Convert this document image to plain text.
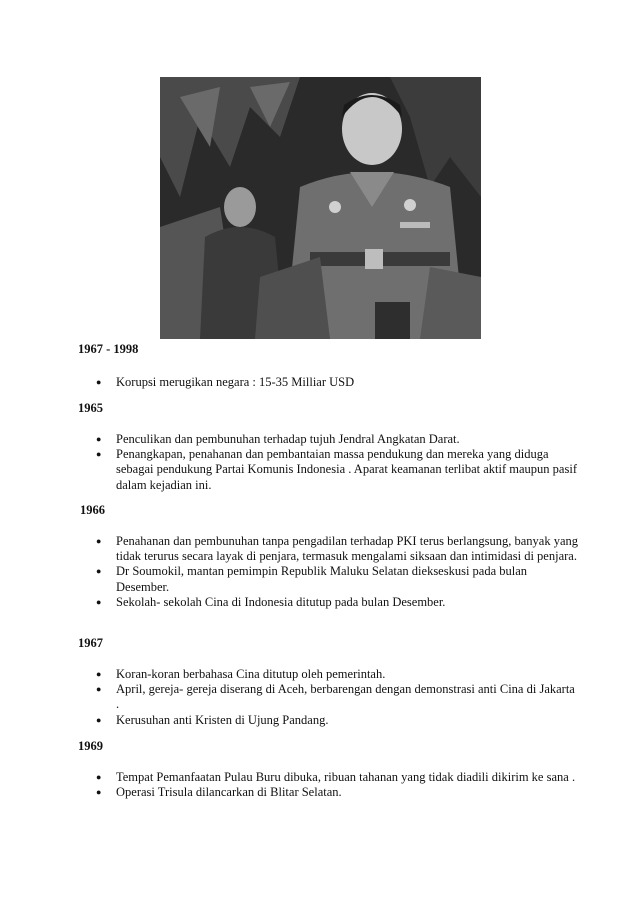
1967 - 1998

● Korupsi merugikan negara : 15-35 Milliar USD

1965

● Penculikan dan pembunuhan terhadap tujuh Jendral Angkatan Darat.
● Penangkapan, penahanan dan pembantaian massa pendukung dan mereka yang diduga sebagai pendukung Partai Komunis Indonesia . Aparat keamanan terlibat aktif maupun pasif dalam kejadian ini.

1966

● Penahanan dan pembunuhan tanpa pengadilan terhadap PKI terus berlangsung, banyak yang tidak terurus secara layak di penjara, termasuk mengalami siksaan dan intimidasi di penjara.
● Dr Soumokil, mantan pemimpin Republik Maluku Selatan diekseskusi pada bulan Desember.
● Sekolah- sekolah Cina di Indonesia ditutup pada bulan Desember.

1967

● Koran-koran berbahasa Cina ditutup oleh pemerintah.
● April, gereja- gereja diserang di Aceh, berbarengan dengan demonstrasi anti Cina di Jakarta .
● Kerusuhan anti Kristen di Ujung Pandang.

1969

● Tempat Pemanfaatan Pulau Buru dibuka, ribuan tahanan yang tidak diadili dikirim ke sana .
● Operasi Trisula dilancarkan di Blitar Selatan.
